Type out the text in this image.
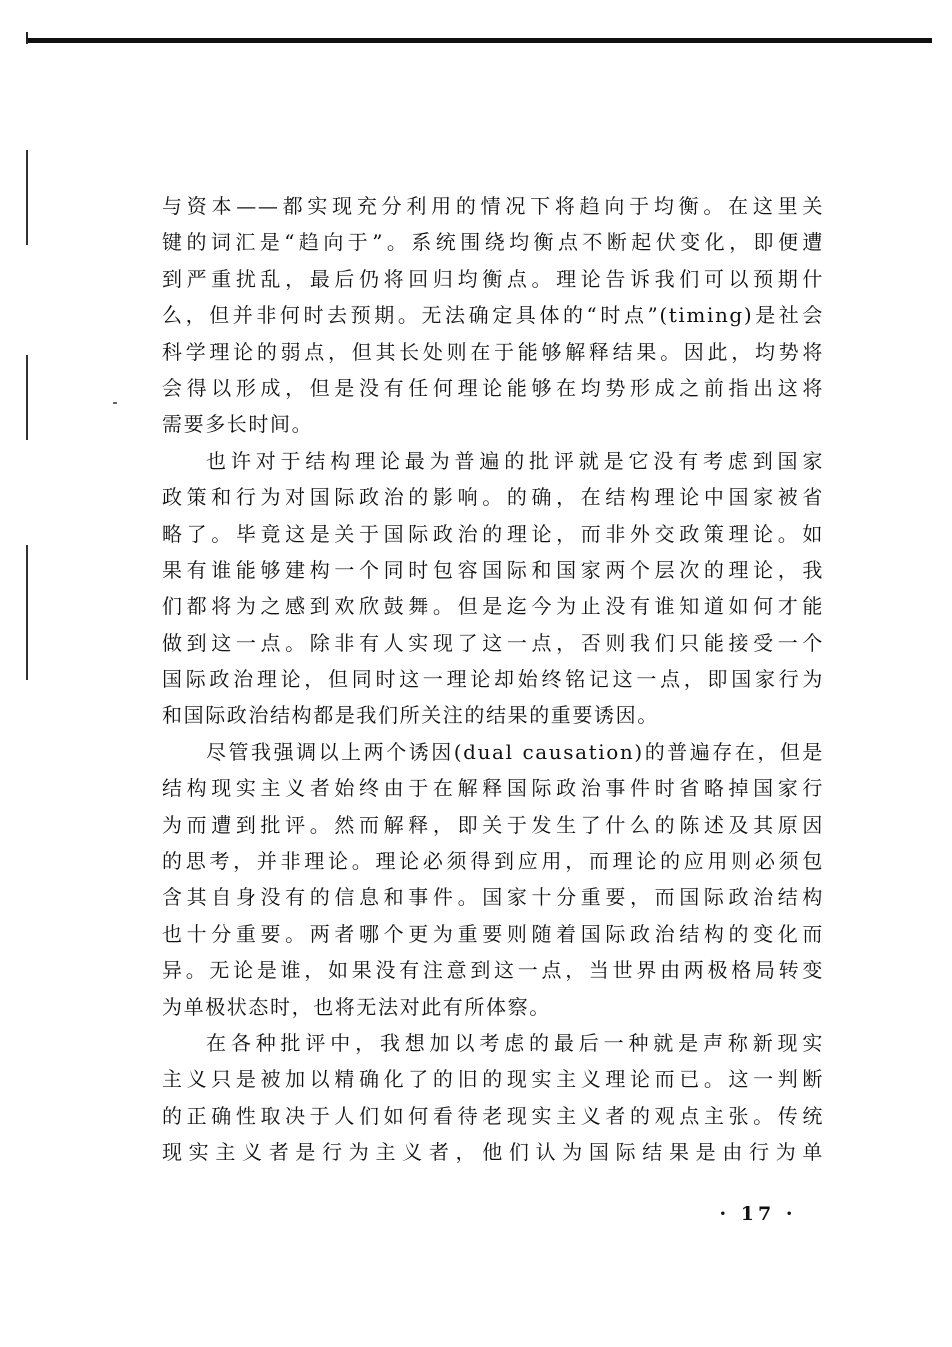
与资本——都实现充分利用的情况下将趋向于均衡。在这里关
键的词汇是“趋向于”。系统围绕均衡点不断起伏变化，即便遭
到严重扰乱，最后仍将回归均衡点。理论告诉我们可以预期什
么，但并非何时去预期。无法确定具体的“时点”(timing)是社会
科学理论的弱点，但其长处则在于能够解释结果。因此，均势将
会得以形成，但是没有任何理论能够在均势形成之前指出这将
需要多长时间。
也许对于结构理论最为普遍的批评就是它没有考虑到国家
政策和行为对国际政治的影响。的确，在结构理论中国家被省
略了。毕竟这是关于国际政治的理论，而非外交政策理论。如
果有谁能够建构一个同时包容国际和国家两个层次的理论，我
们都将为之感到欢欣鼓舞。但是迄今为止没有谁知道如何才能
做到这一点。除非有人实现了这一点，否则我们只能接受一个
国际政治理论，但同时这一理论却始终铭记这一点，即国家行为
和国际政治结构都是我们所关注的结果的重要诱因。
尽管我强调以上两个诱因(dual causation)的普遍存在，但是
结构现实主义者始终由于在解释国际政治事件时省略掉国家行
为而遭到批评。然而解释，即关于发生了什么的陈述及其原因
的思考，并非理论。理论必须得到应用，而理论的应用则必须包
含其自身没有的信息和事件。国家十分重要，而国际政治结构
也十分重要。两者哪个更为重要则随着国际政治结构的变化而
异。无论是谁，如果没有注意到这一点，当世界由两极格局转变
为单极状态时，也将无法对此有所体察。
在各种批评中，我想加以考虑的最后一种就是声称新现实
主义只是被加以精确化了的旧的现实主义理论而已。这一判断
的正确性取决于人们如何看待老现实主义者的观点主张。传统
现实主义者是行为主义者，他们认为国际结果是由行为单
· 17 ·
